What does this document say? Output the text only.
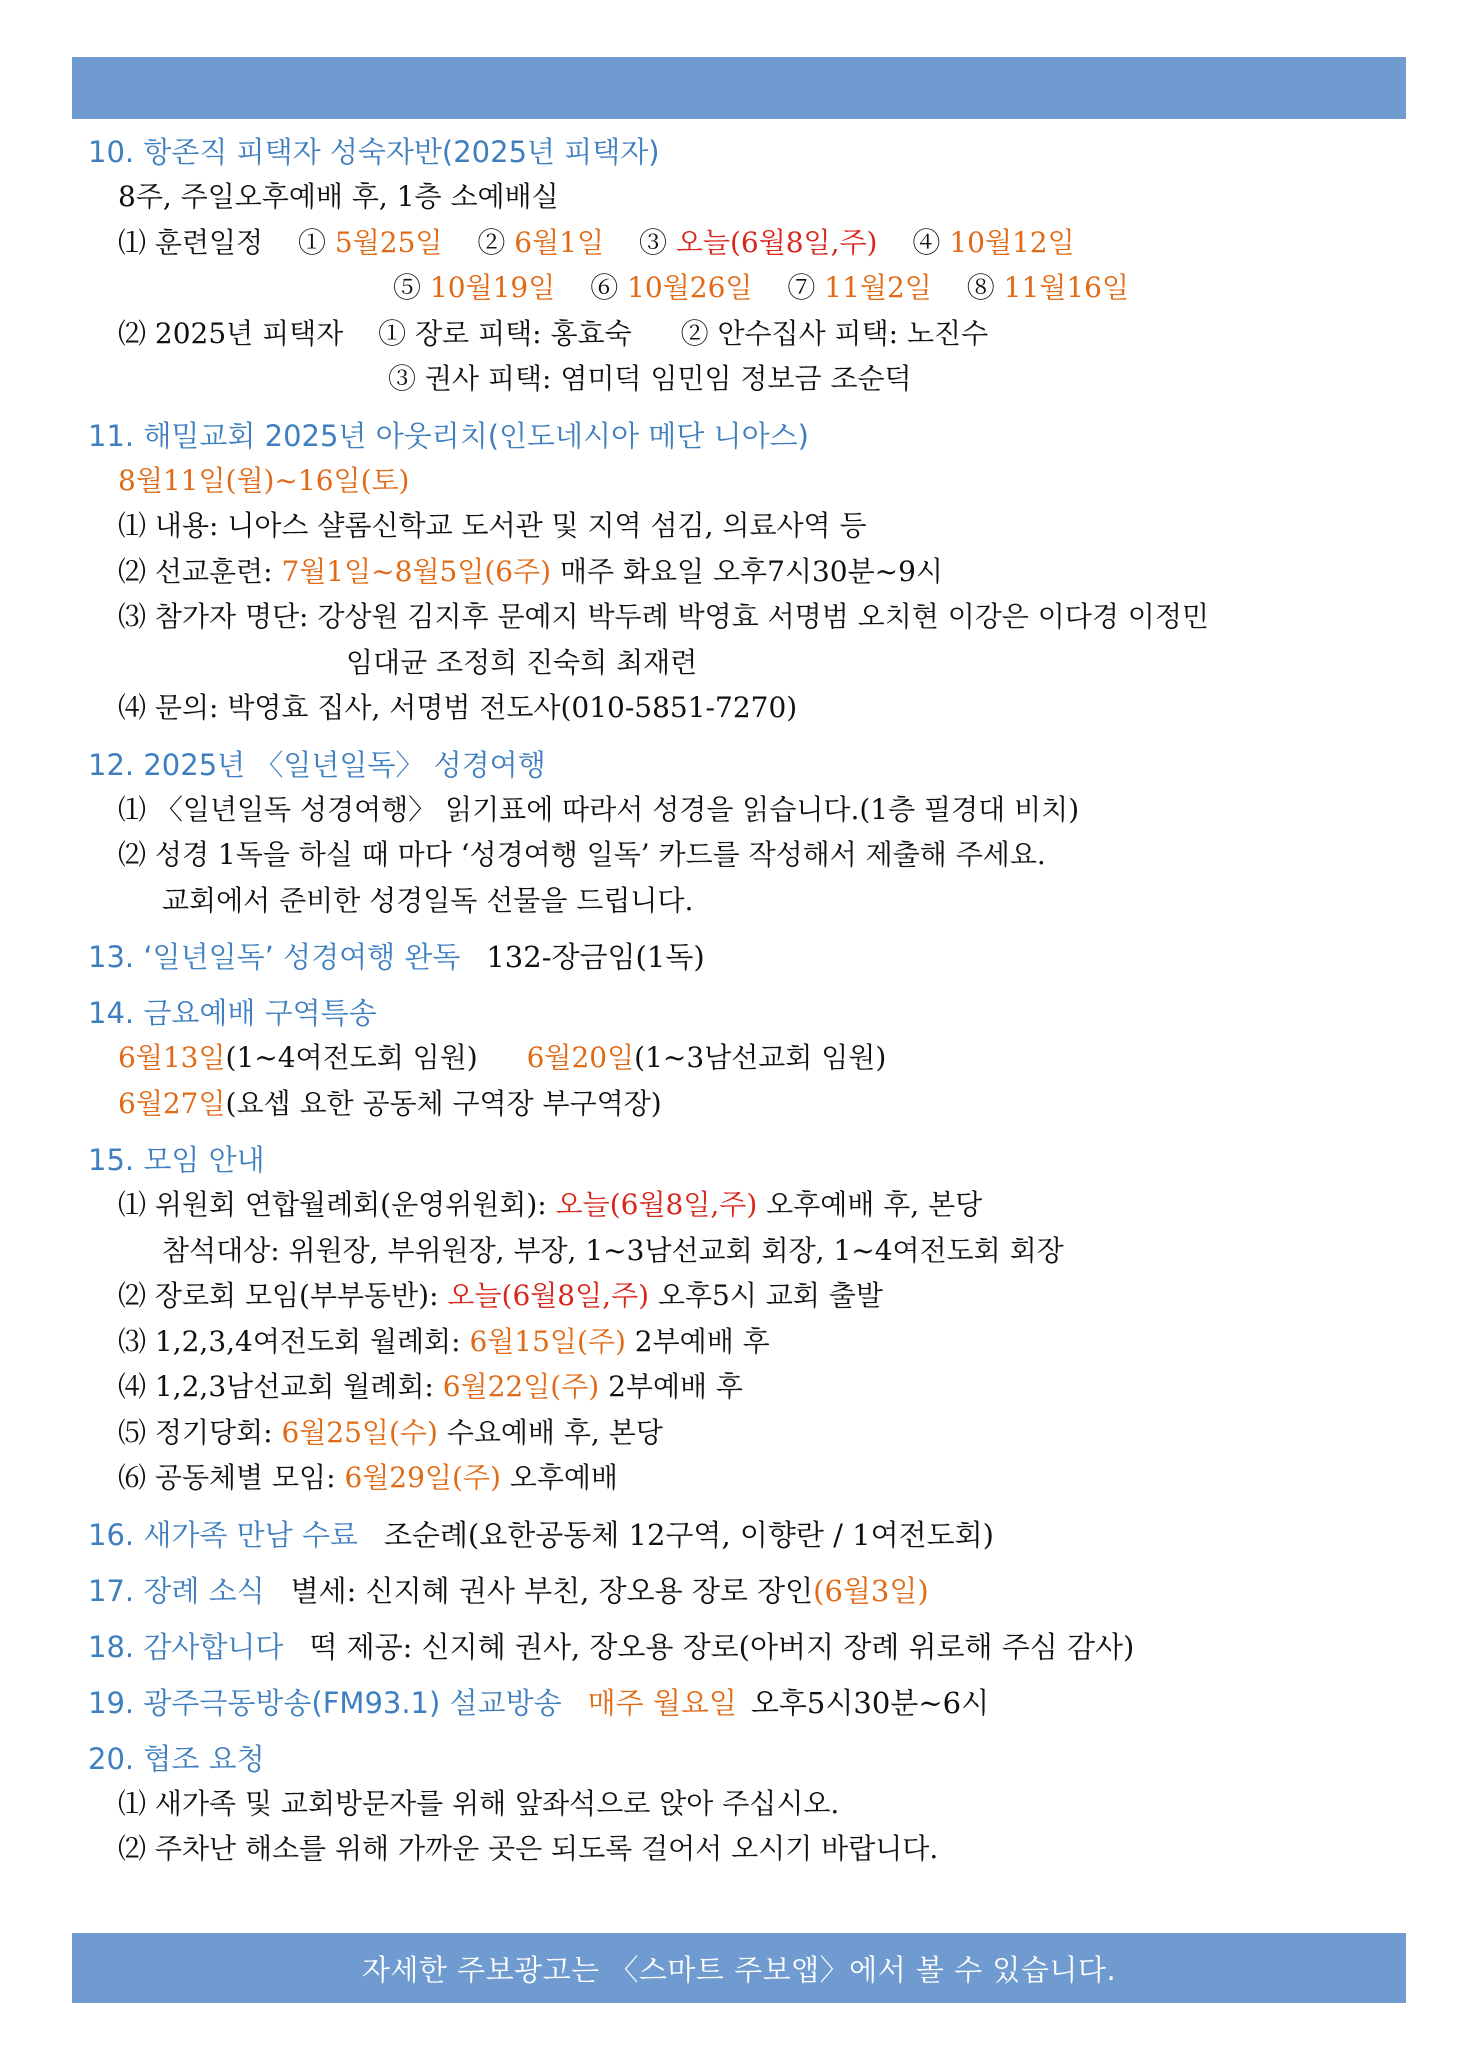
10. 항존직 피택자 성숙자반(2025년 피택자)
8주, 주일오후예배 후, 1층 소예배실
⑴ 훈련일정 ① 5월25일 ② 6월1일 ③ 오늘(6월8일,주) ④ 10월12일
⑤ 10월19일 ⑥ 10월26일 ⑦ 11월2일 ⑧ 11월16일
⑵ 2025년 피택자 ① 장로 피택: 홍효숙 ② 안수집사 피택: 노진수
③ 권사 피택: 염미덕 임민임 정보금 조순덕
11. 해밀교회 2025년 아웃리치(인도네시아 메단 니아스)
8월11일(월)~16일(토)
⑴ 내용: 니아스 샬롬신학교 도서관 및 지역 섬김, 의료사역 등
⑵ 선교훈련: 7월1일~8월5일(6주) 매주 화요일 오후7시30분~9시
⑶ 참가자 명단: 강상원 김지후 문예지 박두례 박영효 서명범 오치현 이강은 이다경 이정민
임대균 조정희 진숙희 최재련
⑷ 문의: 박영효 집사, 서명범 전도사(010-5851-7270)
12. 2025년 〈일년일독〉 성경여행
⑴ 〈일년일독 성경여행〉 읽기표에 따라서 성경을 읽습니다.(1층 필경대 비치)
⑵ 성경 1독을 하실 때 마다 ‘성경여행 일독’ 카드를 작성해서 제출해 주세요.
교회에서 준비한 성경일독 선물을 드립니다.
13. ‘일년일독’ 성경여행 완독 132-장금임(1독)
14. 금요예배 구역특송
6월13일(1~4여전도회 임원) 6월20일(1~3남선교회 임원)
6월27일(요셉 요한 공동체 구역장 부구역장)
15. 모임 안내
⑴ 위원회 연합월례회(운영위원회): 오늘(6월8일,주) 오후예배 후, 본당
참석대상: 위원장, 부위원장, 부장, 1~3남선교회 회장, 1~4여전도회 회장
⑵ 장로회 모임(부부동반): 오늘(6월8일,주) 오후5시 교회 출발
⑶ 1,2,3,4여전도회 월례회: 6월15일(주) 2부예배 후
⑷ 1,2,3남선교회 월례회: 6월22일(주) 2부예배 후
⑸ 정기당회: 6월25일(수) 수요예배 후, 본당
⑹ 공동체별 모임: 6월29일(주) 오후예배
16. 새가족 만남 수료 조순례(요한공동체 12구역, 이향란 / 1여전도회)
17. 장례 소식 별세: 신지혜 권사 부친, 장오용 장로 장인(6월3일)
18. 감사합니다 떡 제공: 신지혜 권사, 장오용 장로(아버지 장례 위로해 주심 감사)
19. 광주극동방송(FM93.1) 설교방송 매주 월요일 오후5시30분~6시
20. 협조 요청
⑴ 새가족 및 교회방문자를 위해 앞좌석으로 앉아 주십시오.
⑵ 주차난 해소를 위해 가까운 곳은 되도록 걸어서 오시기 바랍니다.
자세한 주보광고는 〈스마트 주보앱〉에서 볼 수 있습니다.
